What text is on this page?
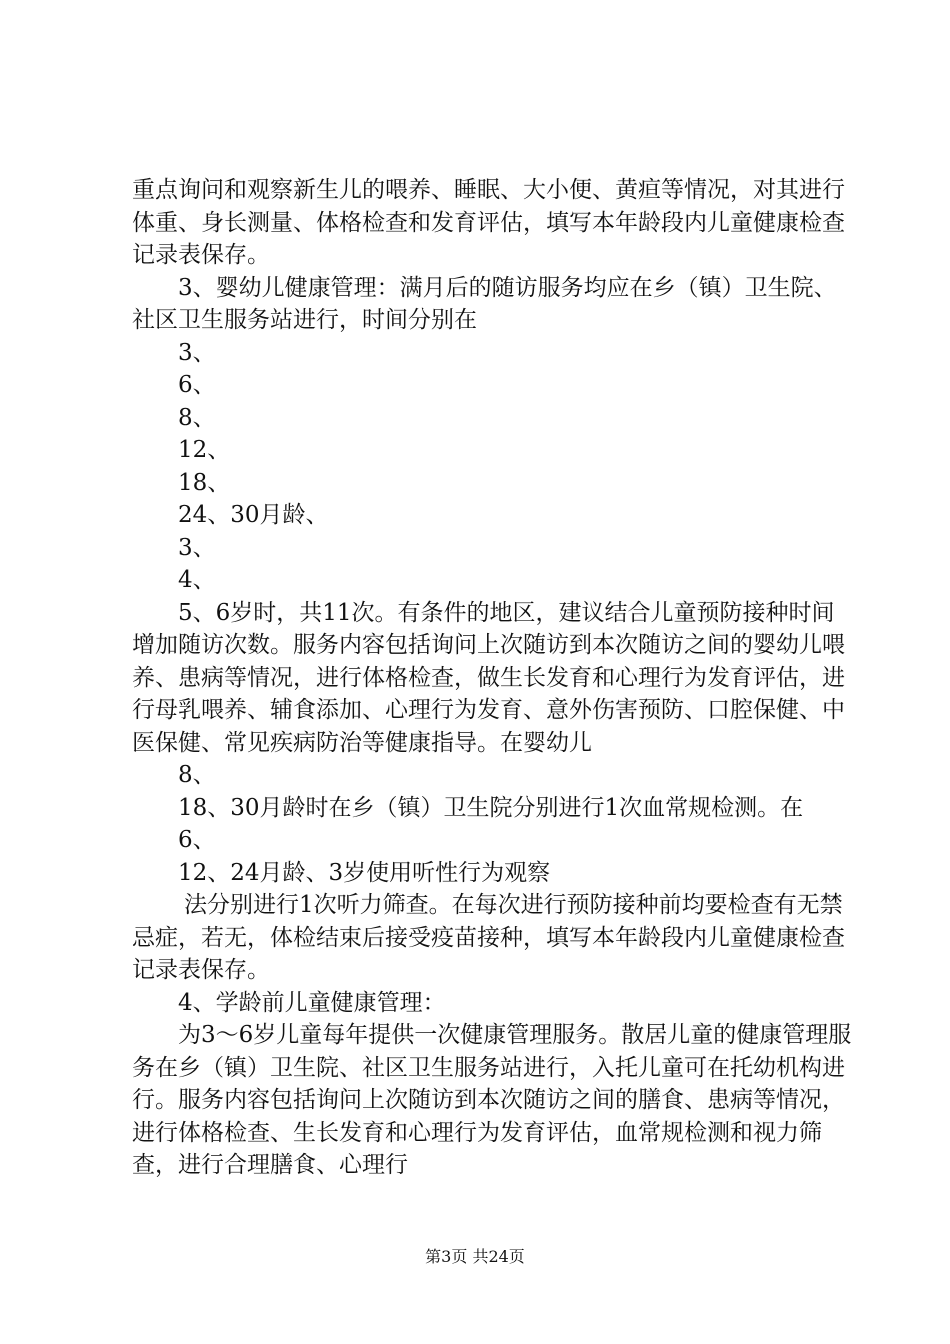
重点询问和观察新生儿的喂养、睡眠、大小便、黄疸等情况，对其进行体重、身长测量、体格检查和发育评估，填写本年龄段内儿童健康检查记录表保存。

3、婴幼儿健康管理：满月后的随访服务均应在乡（镇）卫生院、社区卫生服务站进行，时间分别在

3、

6、

8、

12、

18、

24、30月龄、

3、

4、

5、6岁时，共11次。有条件的地区，建议结合儿童预防接种时间增加随访次数。服务内容包括询问上次随访到本次随访之间的婴幼儿喂养、患病等情况，进行体格检查，做生长发育和心理行为发育评估，进行母乳喂养、辅食添加、心理行为发育、意外伤害预防、口腔保健、中医保健、常见疾病防治等健康指导。在婴幼儿

8、

18、30月龄时在乡（镇）卫生院分别进行1次血常规检测。在

6、

12、24月龄、3岁使用听性行为观察

法分别进行1次听力筛查。在每次进行预防接种前均要检查有无禁忌症，若无，体检结束后接受疫苗接种，填写本年龄段内儿童健康检查记录表保存。

4、学龄前儿童健康管理：

为3～6岁儿童每年提供一次健康管理服务。散居儿童的健康管理服务在乡（镇）卫生院、社区卫生服务站进行，入托儿童可在托幼机构进行。服务内容包括询问上次随访到本次随访之间的膳食、患病等情况，进行体格检查、生长发育和心理行为发育评估，血常规检测和视力筛查，进行合理膳食、心理行

第3页 共24页
